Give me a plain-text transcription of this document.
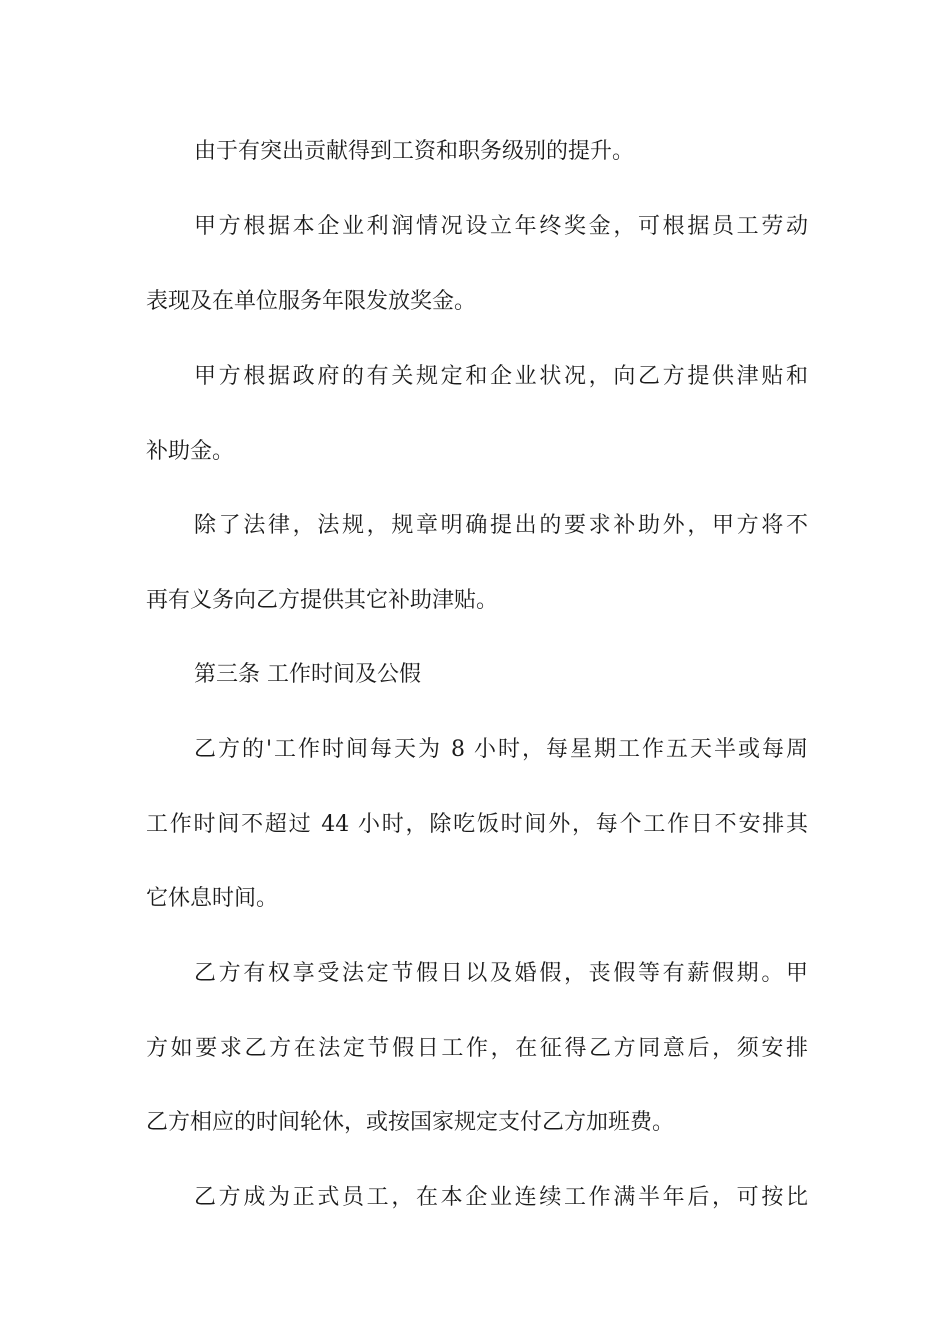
由于有突出贡献得到工资和职务级别的提升。
甲方根据本企业利润情况设立年终奖金，可根据员工劳动
表现及在单位服务年限发放奖金。
甲方根据政府的有关规定和企业状况，向乙方提供津贴和
补助金。
除了法律，法规，规章明确提出的要求补助外，甲方将不
再有义务向乙方提供其它补助津贴。
第三条 工作时间及公假
乙方的'工作时间每天为 8 小时，每星期工作五天半或每周
工作时间不超过 44 小时，除吃饭时间外，每个工作日不安排其
它休息时间。
乙方有权享受法定节假日以及婚假，丧假等有薪假期。甲
方如要求乙方在法定节假日工作，在征得乙方同意后，须安排
乙方相应的时间轮休，或按国家规定支付乙方加班费。
乙方成为正式员工，在本企业连续工作满半年后，可按比
